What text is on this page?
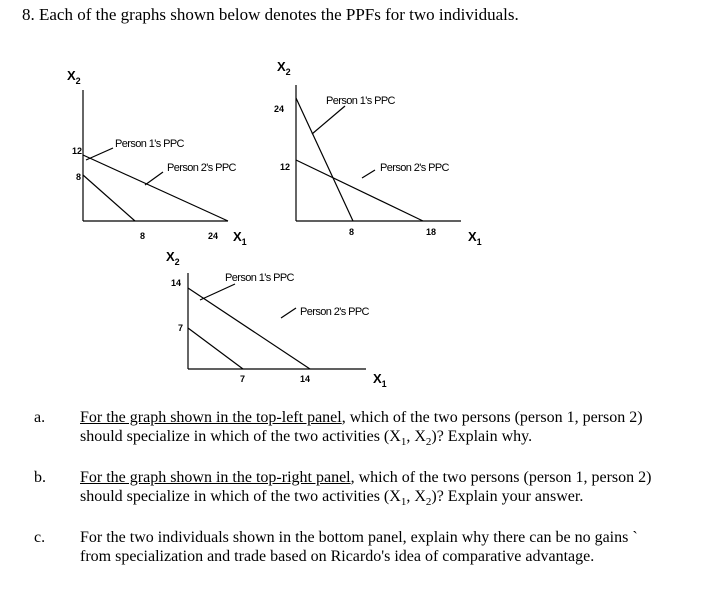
8. Each of the graphs shown below denotes the PPFs for two individuals.
$X_2$
12
8
8	24 $X_1$
Person 1's PPC
Person 2's PPC
$X_2$
24
12
8	18 $X_1$
Person 1's PPC
Person 2's PPC
$X_2$
14
7
7	14	$X_1$
Person 1's PPC
Person 2's PPC
a. For the graph shown in the top-left panel, which of the two persons (person 1, person 2)
should specialize in which of the two activities ($X_1$, $X_2$)? Explain why.
b. For the graph shown in the top-right panel, which of the two persons (person 1, person 2)
should specialize in which of the two activities ($X_1$, $X_2$)? Explain your answer.
c. For the two individuals shown in the bottom panel, explain why there can be no gains `
from specialization and trade based on Ricardo's idea of comparative advantage.
